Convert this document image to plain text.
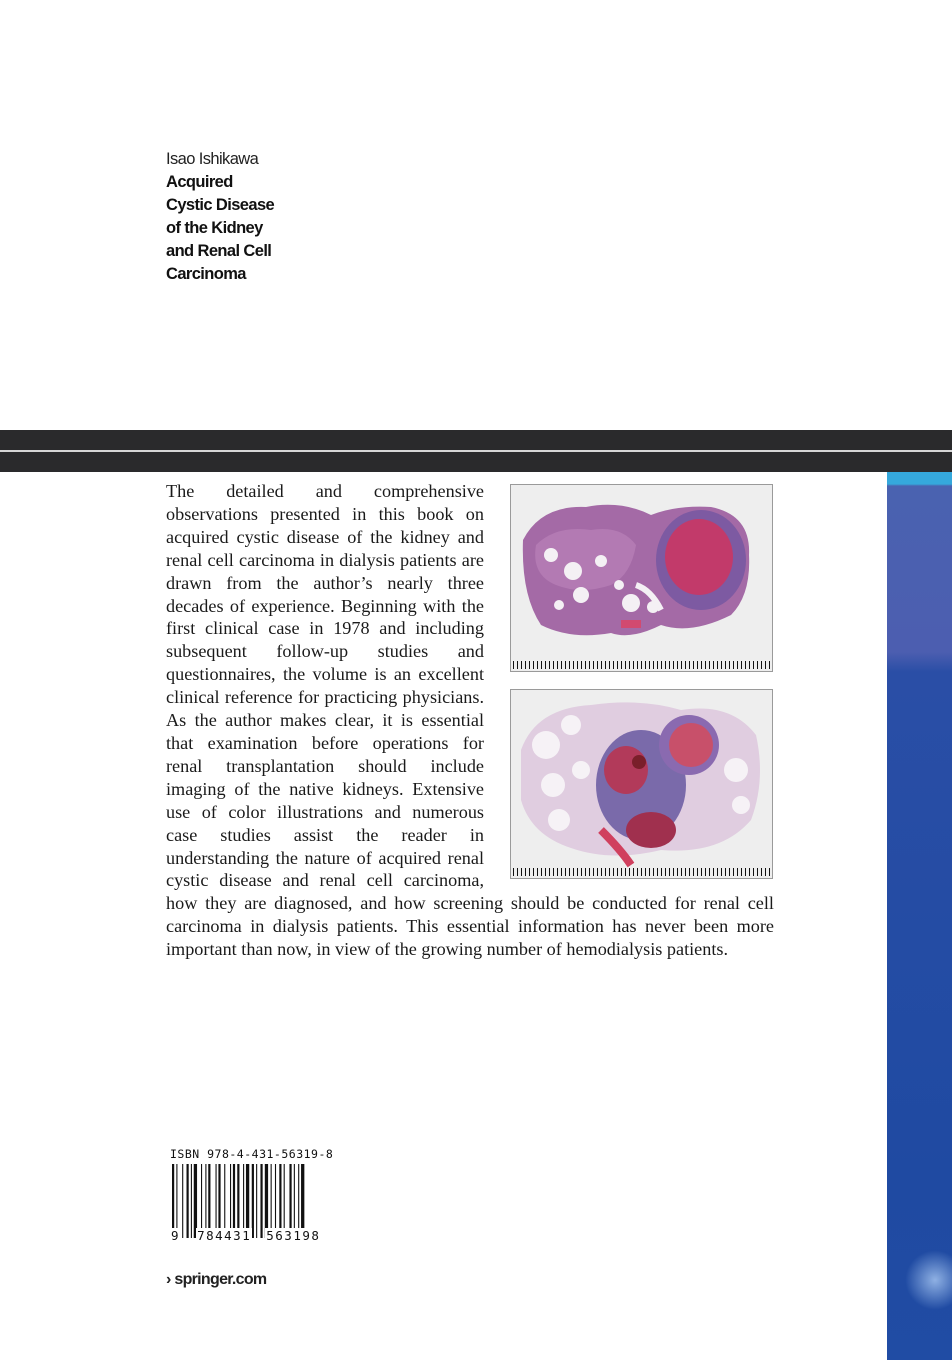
Isao Ishikawa
Acquired
Cystic Disease
of the Kidney
and Renal Cell
Carcinoma
The detailed and comprehensive observations presented in this book on acquired cystic disease of the kidney and renal cell carcinoma in dialysis patients are drawn from the author’s nearly three decades of experience. Beginning with the first clinical case in 1978 and including subsequent follow-up studies and questionnaires, the volume is an excellent clinical reference for practicing physicians. As the author makes clear, it is essential that examination before operations for renal transplantation should include imaging of the native kidneys. Extensive use of color illustrations and numerous case studies assist the reader in understanding the nature of acquired renal cystic disease and renal cell carcinoma, how they are diagnosed, and how screening should be conducted for renal cell carcinoma in dialysis patients. This essential information has never been more important than now, in view of the growing number of hemodialysis patients.
ISBN 978-4-431-56319-8
9 784431 563198
› springer.com
